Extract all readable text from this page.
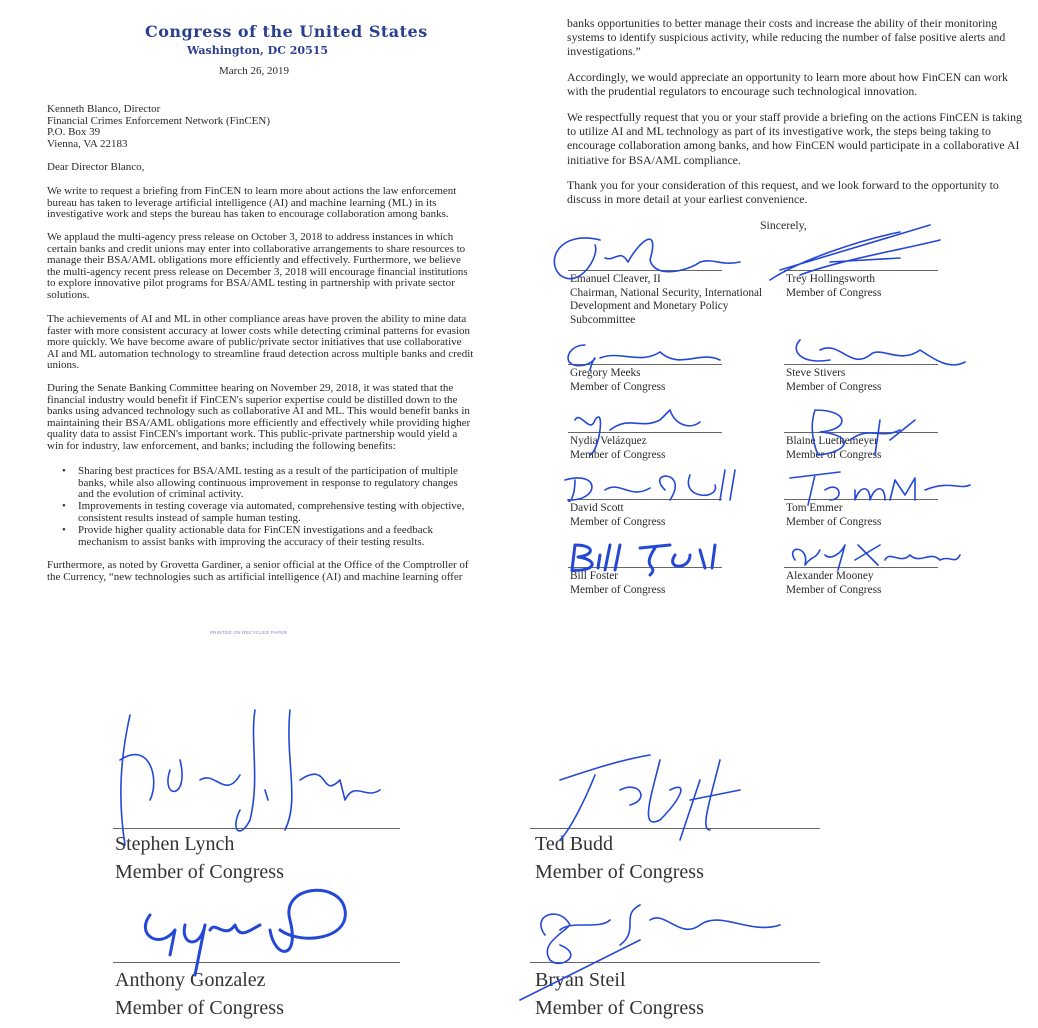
Congress of the United States
Washington, DC 20515
March 26, 2019
PRINTED ON RECYCLED PAPER
Sincerely,
Kenneth Blanco, Director
Financial Crimes Enforcement Network (FinCEN)
P.O. Box 39
Vienna, VA 22183
Dear Director Blanco,
We write to request a briefing from FinCEN to learn more about actions the law enforcement
bureau has taken to leverage artificial intelligence (AI) and machine learning (ML) in its
investigative work and steps the bureau has taken to encourage collaboration among banks.
We applaud the multi-agency press release on October 3, 2018 to address instances in which
certain banks and credit unions may enter into collaborative arrangements to share resources to
manage their BSA/AML obligations more efficiently and effectively. Furthermore, we believe
the multi-agency recent press release on December 3, 2018 will encourage financial institutions
to explore innovative pilot programs for BSA/AML testing in partnership with private sector
solutions.
The achievements of AI and ML in other compliance areas have proven the ability to mine data
faster with more consistent accuracy at lower costs while detecting criminal patterns for evasion
more quickly. We have become aware of public/private sector initiatives that use collaborative
AI and ML automation technology to streamline fraud detection across multiple banks and credit
unions.
During the Senate Banking Committee hearing on November 29, 2018, it was stated that the
financial industry would benefit if FinCEN's superior expertise could be distilled down to the
banks using advanced technology such as collaborative AI and ML. This would benefit banks in
maintaining their BSA/AML obligations more efficiently and effectively while providing higher
quality data to assist FinCEN's important work. This public-private partnership would yield a
win for industry, law enforcement, and banks; including the following benefits:
• Sharing best practices for BSA/AML testing as a result of the participation of multiple
banks, while also allowing continuous improvement in response to regulatory changes
and the evolution of criminal activity.
• Improvements in testing coverage via automated, comprehensive testing with objective,
consistent results instead of sample human testing.
• Provide higher quality actionable data for FinCEN investigations and a feedback
mechanism to assist banks with improving the accuracy of their testing results.
Furthermore, as noted by Grovetta Gardiner, a senior official at the Office of the Comptroller of
the Currency, “new technologies such as artificial intelligence (AI) and machine learning offer
banks opportunities to better manage their costs and increase the ability of their monitoring
systems to identify suspicious activity, while reducing the number of false positive alerts and
investigations.”
Accordingly, we would appreciate an opportunity to learn more about how FinCEN can work
with the prudential regulators to encourage such technological innovation.
We respectfully request that you or your staff provide a briefing on the actions FinCEN is taking
to utilize AI and ML technology as part of its investigative work, the steps being taking to
encourage collaboration among banks, and how FinCEN would participate in a collaborative AI
initiative for BSA/AML compliance.
Thank you for your consideration of this request, and we look forward to the opportunity to
discuss in more detail at your earliest convenience.
Emanuel Cleaver, II
Chairman, National Security, International
Development and Monetary Policy
Subcommittee
Trey Hollingsworth
Member of Congress
Gregory Meeks
Member of Congress
Steve Stivers
Member of Congress
Nydia Velázquez
Member of Congress
Blaine Luetkemeyer
Member of Congress
David Scott
Member of Congress
Tom Emmer
Member of Congress
Bill Foster
Member of Congress
Alexander Mooney
Member of Congress
Stephen Lynch
Member of Congress
Ted Budd
Member of Congress
Anthony Gonzalez
Member of Congress
Bryan Steil
Member of Congress
